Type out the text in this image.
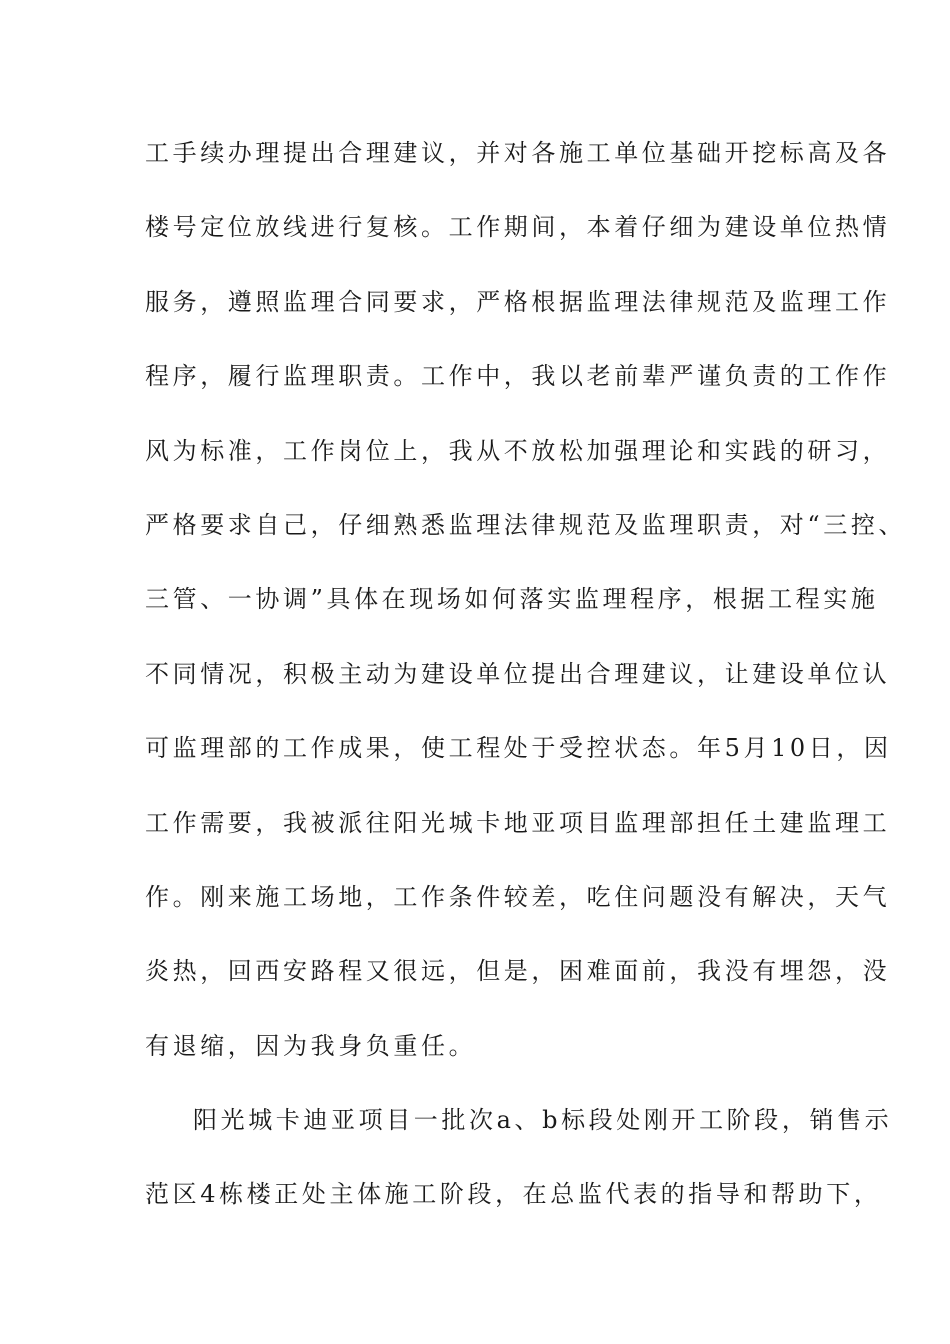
工手续办理提出合理建议，并对各施工单位基础开挖标高及各
楼号定位放线进行复核。工作期间，本着仔细为建设单位热情
服务，遵照监理合同要求，严格根据监理法律规范及监理工作
程序，履行监理职责。工作中，我以老前辈严谨负责的工作作
风为标准，工作岗位上，我从不放松加强理论和实践的研习，
严格要求自己，仔细熟悉监理法律规范及监理职责，对“三控、
三管、一协调”具体在现场如何落实监理程序，根据工程实施
不同情况，积极主动为建设单位提出合理建议，让建设单位认
可监理部的工作成果，使工程处于受控状态。年5月10日，因
工作需要，我被派往阳光城卡地亚项目监理部担任土建监理工
作。刚来施工场地，工作条件较差，吃住问题没有解决，天气
炎热，回西安路程又很远，但是，困难面前，我没有埋怨，没
有退缩，因为我身负重任。
阳光城卡迪亚项目一批次a、b标段处刚开工阶段，销售示
范区4栋楼正处主体施工阶段，在总监代表的指导和帮助下，
